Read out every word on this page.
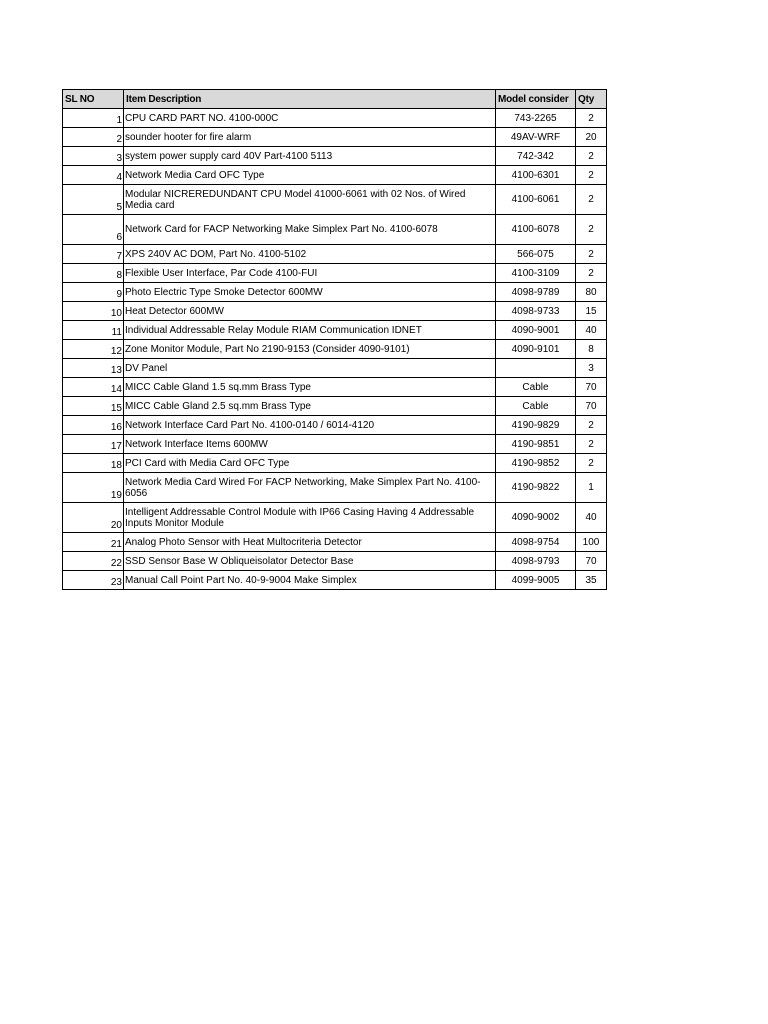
SL NO	Item Description	Model consider	Qty
1	CPU CARD PART NO. 4100-000C	743-2265	2
2	sounder hooter for fire alarm	49AV-WRF	20
3	system power supply card 40V Part-4100 5113	742-342	2
4	Network Media Card OFC Type	4100-6301	2
5	Modular NICREREDUNDANT CPU Model 41000-6061 with 02 Nos. of Wired Media card	4100-6061	2
6	Network Card for FACP Networking Make Simplex Part No. 4100-6078	4100-6078	2
7	XPS 240V AC DOM, Part No. 4100-5102	566-075	2
8	Flexible User Interface, Par Code 4100-FUI	4100-3109	2
9	Photo Electric Type Smoke Detector 600MW	4098-9789	80
10	Heat Detector 600MW	4098-9733	15
11	Individual Addressable Relay Module RIAM Communication IDNET	4090-9001	40
12	Zone Monitor Module, Part No 2190-9153 (Consider 4090-9101)	4090-9101	8
13	DV Panel		3
14	MICC Cable Gland 1.5 sq.mm Brass Type	Cable	70
15	MICC Cable Gland 2.5 sq.mm Brass Type	Cable	70
16	Network Interface Card Part No. 4100-0140 / 6014-4120	4190-9829	2
17	Network Interface Items 600MW	4190-9851	2
18	PCI Card with Media Card OFC Type	4190-9852	2
19	Network Media Card Wired For FACP Networking, Make Simplex Part No. 4100-6056	4190-9822	1
20	Intelligent Addressable Control Module with IP66 Casing Having 4 Addressable Inputs Monitor Module	4090-9002	40
21	Analog Photo Sensor with Heat Multocriteria Detector	4098-9754	100
22	SSD Sensor Base W Obliqueisolator Detector Base	4098-9793	70
23	Manual Call Point Part No. 40-9-9004 Make Simplex	4099-9005	35
